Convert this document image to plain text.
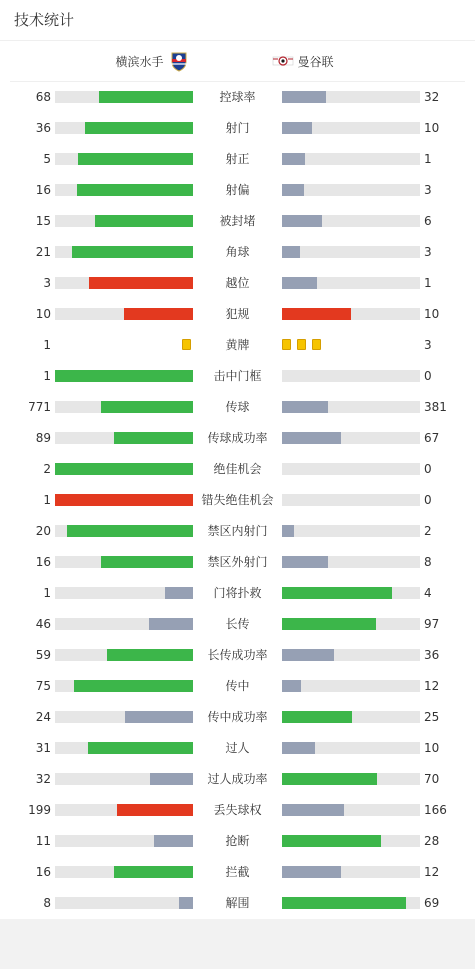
技术统计
横滨水手	曼谷联
68	控球率	32
36	射门	10
5	射正	1
16	射偏	3
15	被封堵	6
21	角球	3
3	越位	1
10	犯规	10
1	黄牌	3
1	击中门框	0
771	传球	381
89	传球成功率	67
2	绝佳机会	0
1	错失绝佳机会	0
20	禁区内射门	2
16	禁区外射门	8
1	门将扑救	4
46	长传	97
59	长传成功率	36
75	传中	12
24	传中成功率	25
31	过人	10
32	过人成功率	70
199	丢失球权	166
11	抢断	28
16	拦截	12
8	解围	69
